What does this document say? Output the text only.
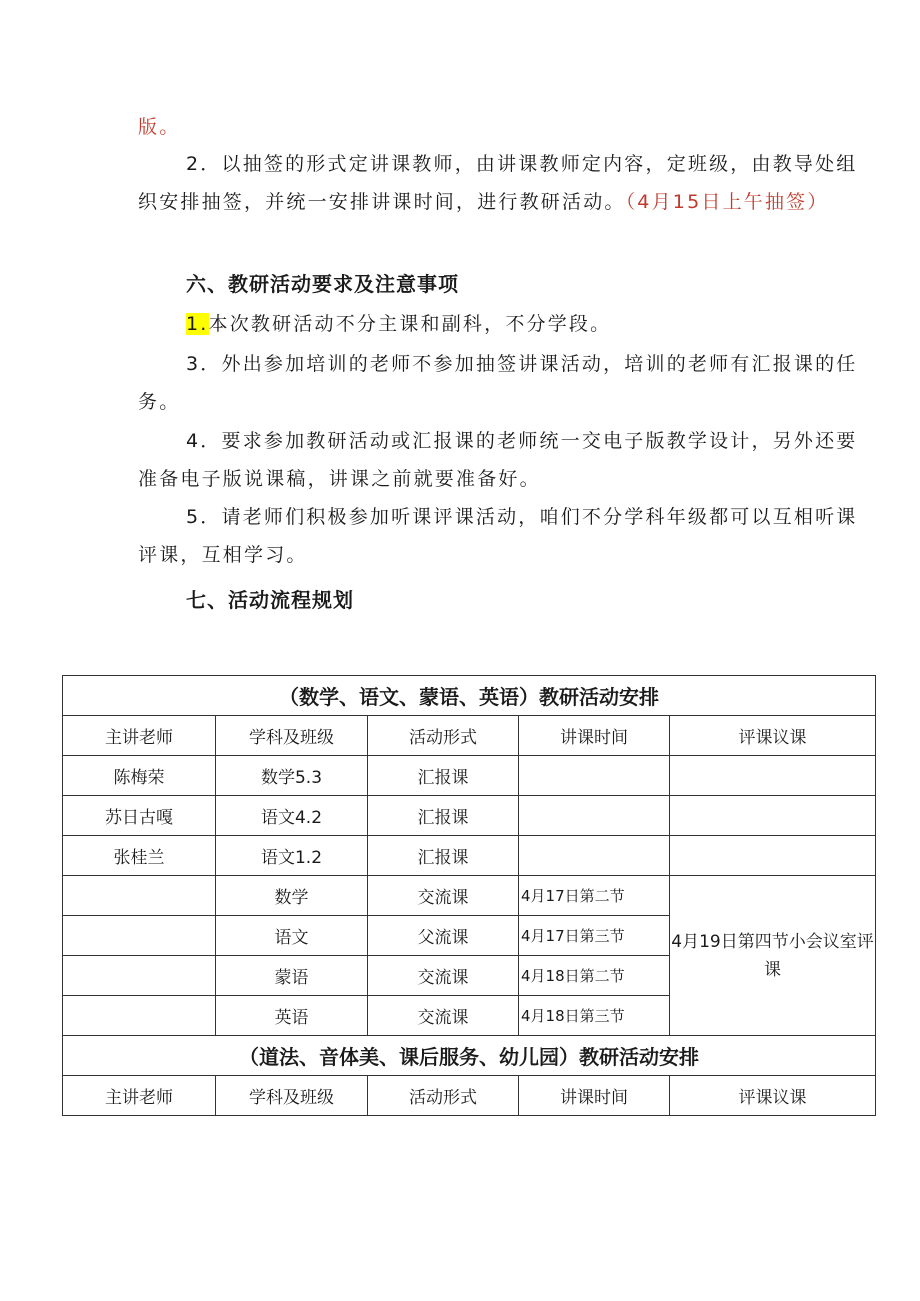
版。

2．以抽签的形式定讲课教师，由讲课教师定内容，定班级，由教导处组织安排抽签，并统一安排讲课时间，进行教研活动。（4月15日上午抽签）

六、教研活动要求及注意事项

1.本次教研活动不分主课和副科，不分学段。

3．外出参加培训的老师不参加抽签讲课活动，培训的老师有汇报课的任务。

4．要求参加教研活动或汇报课的老师统一交电子版教学设计，另外还要准备电子版说课稿，讲课之前就要准备好。

5．请老师们积极参加听课评课活动，咱们不分学科年级都可以互相听课评课，互相学习。

七、活动流程规划

（数学、语文、蒙语、英语）教研活动安排				
主讲老师	学科及班级	活动形式	讲课时间	评课议课
陈梅荣	数学5.3	汇报课		
苏日古嘎	语文4.2	汇报课		
张桂兰	语文1.2	汇报课		
	数学	交流课	4月17日第二节	4月19日第四节小会议室评课
	语文	父流课	4月17日第三节	
	蒙语	交流课	4月18日第二节	
	英语	交流课	4月18日第三节	
（道法、音体美、课后服务、幼儿园）教研活动安排				
主讲老师	学科及班级	活动形式	讲课时间	评课议课
